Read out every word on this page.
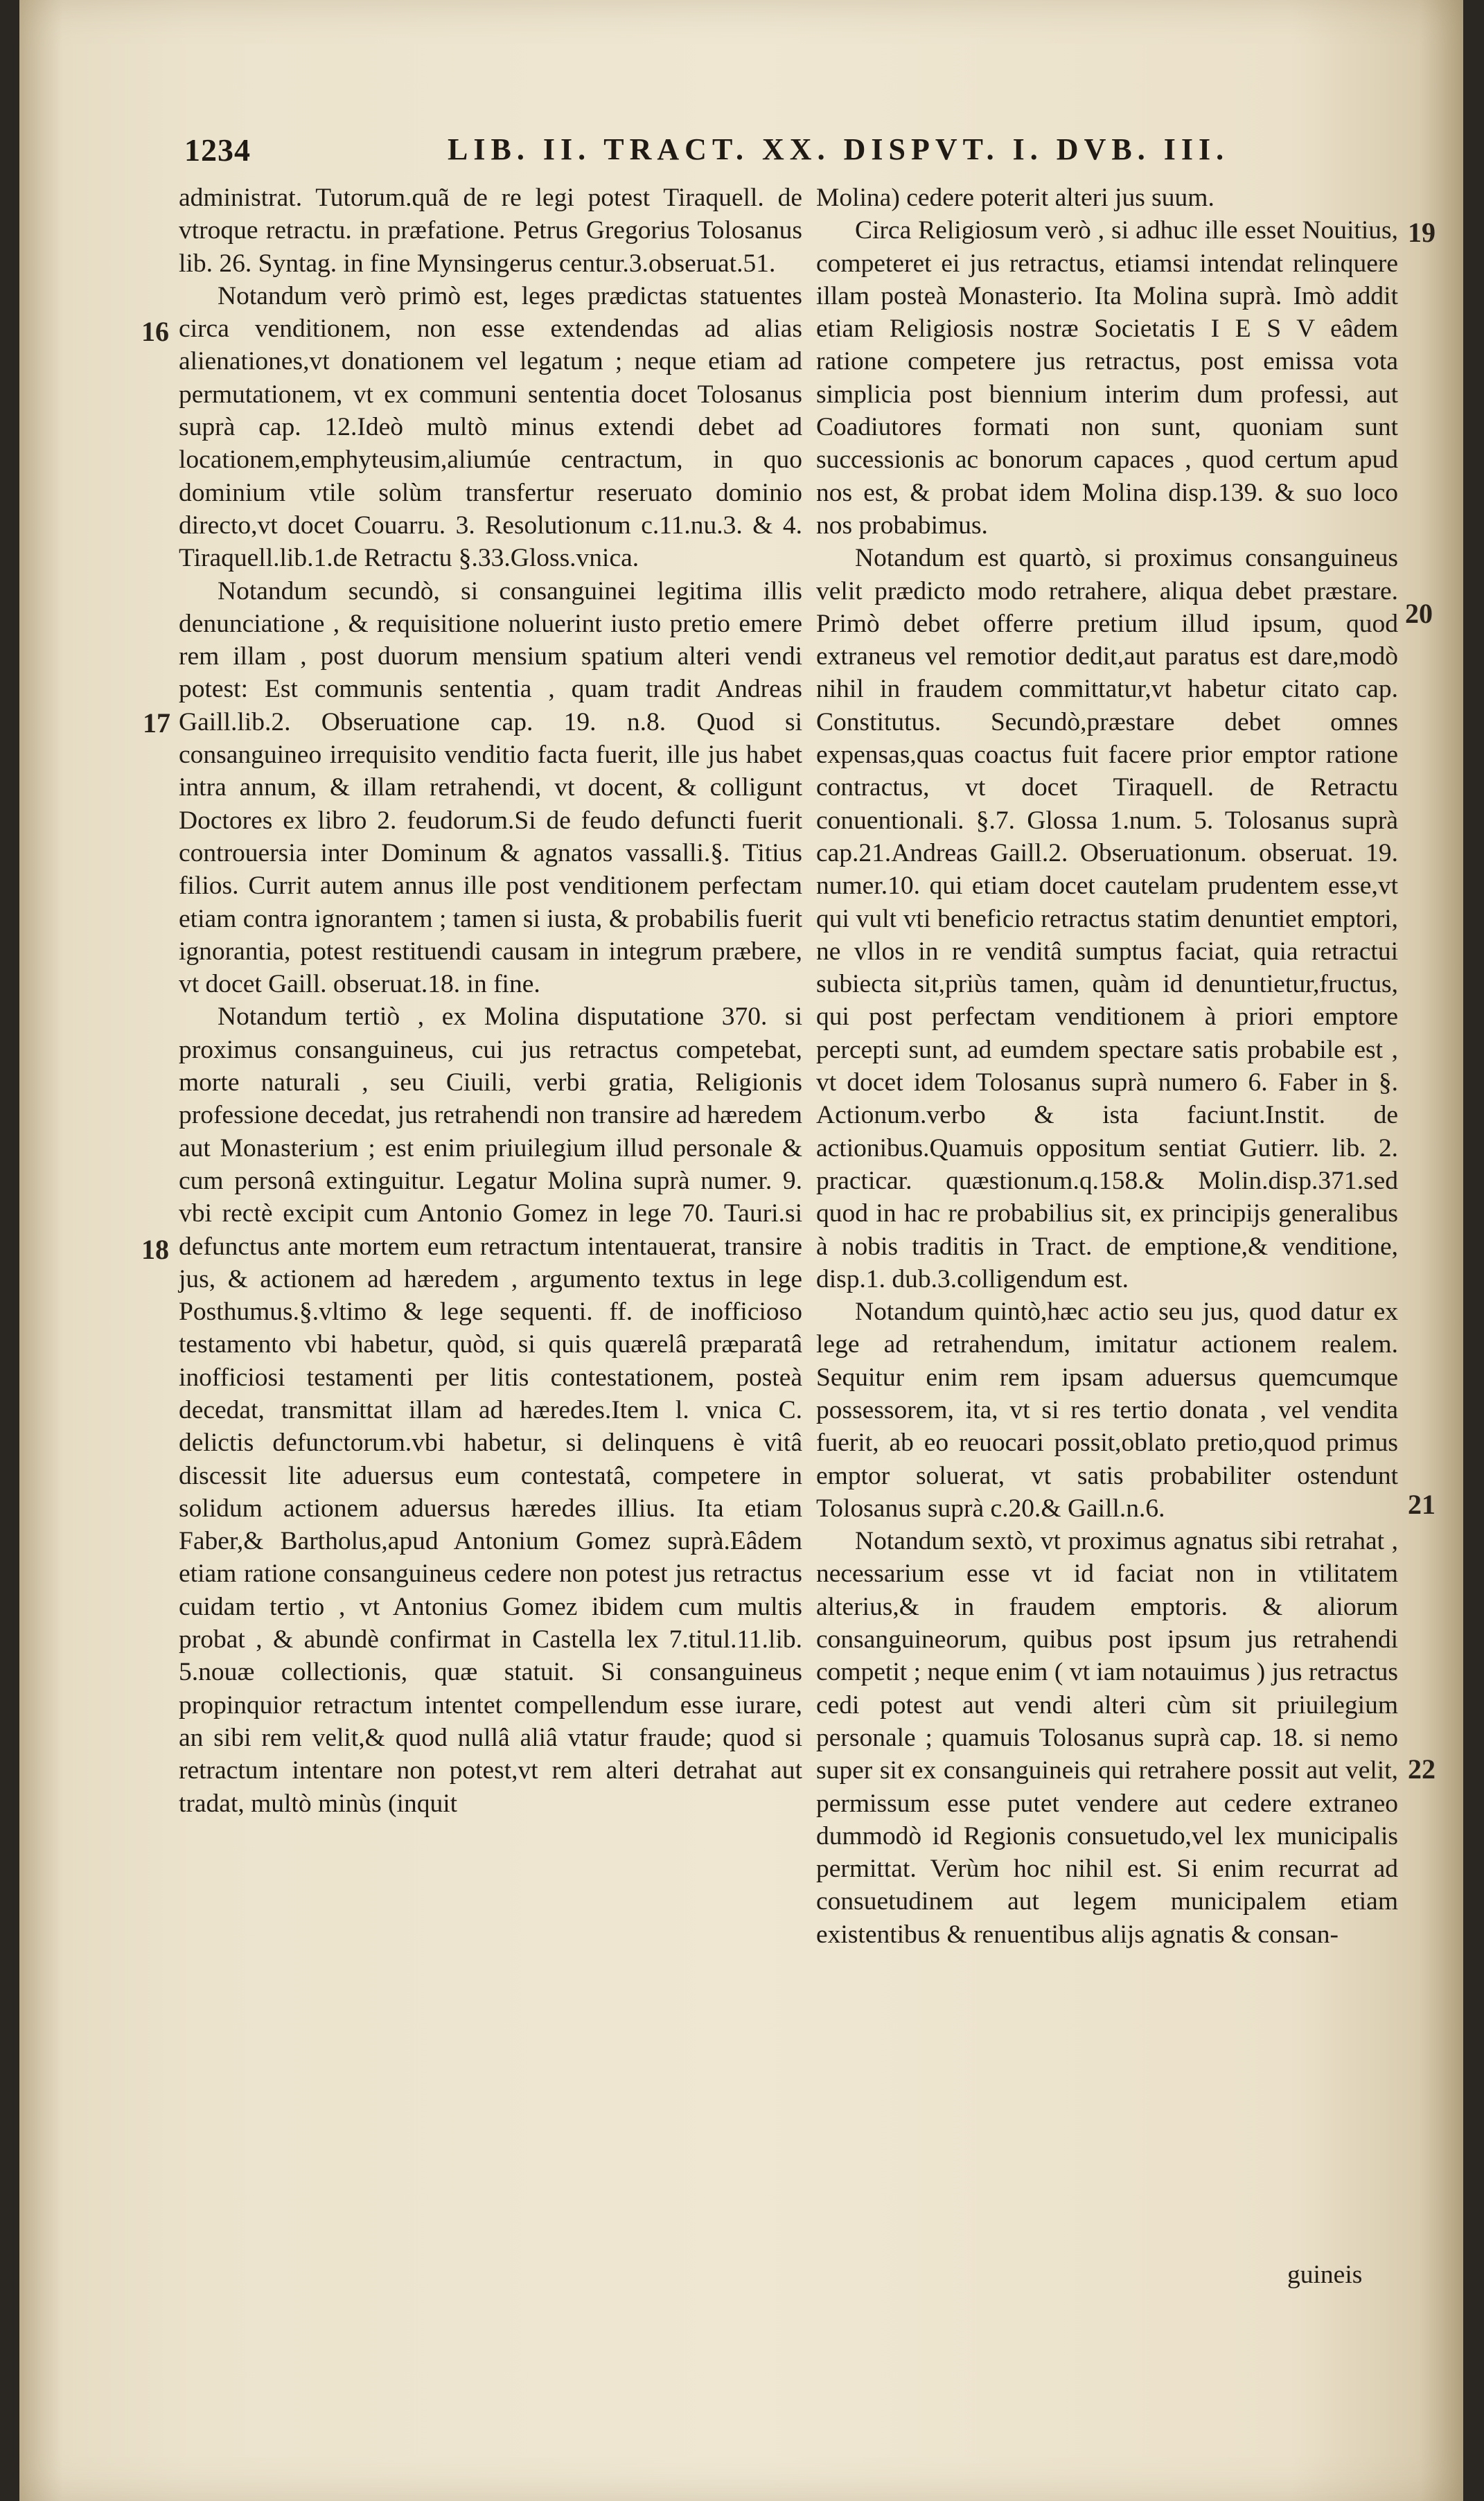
1234	LIB. II. TRACT. XX. DISPVT. I. DVB. III.
16
17
18
19
20
21
22

administrat. Tutorum.quã de re legi potest Tiraquell. de vtroque retractu. in præfatione. Petrus Gregorius Tolosanus lib. 26. Syntag. in fine Mynsingerus centur.3.obseruat.51.

Notandum verò primò est, leges prædictas statuentes circa venditionem, non esse extendendas ad alias alienationes,vt donationem vel legatum ; neque etiam ad permutationem, vt ex communi sententia docet Tolosanus suprà cap. 12.Ideò multò minus extendi debet ad locationem,emphyteusim,aliumúe centractum, in quo dominium vtile solùm transfertur reseruato dominio directo,vt docet Couarru. 3. Resolutionum c.11.nu.3. & 4. Tiraquell.lib.1.de Retractu §.33.Gloss.vnica.

Notandum secundò, si consanguinei legitima illis denunciatione , & requisitione noluerint iusto pretio emere rem illam , post duorum mensium spatium alteri vendi potest: Est communis sententia , quam tradit Andreas Gaill.lib.2. Obseruatione cap. 19. n.8. Quod si consanguineo irrequisito venditio facta fuerit, ille jus habet intra annum, & illam retrahendi, vt docent, & colligunt Doctores ex libro 2. feudorum.Si de feudo defuncti fuerit controuersia inter Dominum & agnatos vassalli.§. Titius filios. Currit autem annus ille post venditionem perfectam etiam contra ignorantem ; tamen si iusta, & probabilis fuerit ignorantia, potest restituendi causam in integrum præbere, vt docet Gaill. obseruat.18. in fine.

Notandum tertiò , ex Molina disputatione 370. si proximus consanguineus, cui jus retractus competebat, morte naturali , seu Ciuili, verbi gratia, Religionis professione decedat, jus retrahendi non transire ad hæredem aut Monasterium ; est enim priuilegium illud personale & cum personâ extinguitur. Legatur Molina suprà numer. 9. vbi rectè excipit cum Antonio Gomez in lege 70. Tauri.si defunctus ante mortem eum retractum intentauerat, transire jus, & actionem ad hæredem , argumento textus in lege Posthumus.§.vltimo & lege sequenti. ff. de inofficioso testamento vbi habetur, quòd, si quis quærelâ præparatâ inofficiosi testamenti per litis contestationem, posteà decedat, transmittat illam ad hæredes.Item l. vnica C. delictis defunctorum.vbi habetur, si delinquens è vitâ discessit lite aduersus eum contestatâ, competere in solidum actionem aduersus hæredes illius. Ita etiam Faber,& Bartholus,apud Antonium Gomez suprà.Eâdem etiam ratione consanguineus cedere non potest jus retractus cuidam tertio , vt Antonius Gomez ibidem cum multis probat , & abundè confirmat in Castella lex 7.titul.11.lib. 5.nouæ collectionis, quæ statuit. Si consanguineus propinquior retractum intentet compellendum esse iurare, an sibi rem velit,& quod nullâ aliâ vtatur fraude; quod si retractum intentare non potest,vt rem alteri detrahat aut tradat, multò minùs (inquit

Molina) cedere poterit alteri jus suum.

Circa Religiosum verò , si adhuc ille esset Nouitius, competeret ei jus retractus, etiamsi intendat relinquere illam posteà Monasterio. Ita Molina suprà. Imò addit etiam Religiosis nostræ Societatis I E S V eâdem ratione competere jus retractus, post emissa vota simplicia post biennium interim dum professi, aut Coadiutores formati non sunt, quoniam sunt successionis ac bonorum capaces , quod certum apud nos est, & probat idem Molina disp.139. & suo loco nos probabimus.

Notandum est quartò, si proximus consanguineus velit prædicto modo retrahere, aliqua debet præstare. Primò debet offerre pretium illud ipsum, quod extraneus vel remotior dedit,aut paratus est dare,modò nihil in fraudem committatur,vt habetur citato cap. Constitutus. Secundò,præstare debet omnes expensas,quas coactus fuit facere prior emptor ratione contractus, vt docet Tiraquell. de Retractu conuentionali. §.7. Glossa 1.num. 5. Tolosanus suprà cap.21.Andreas Gaill.2. Obseruationum. obseruat. 19. numer.10. qui etiam docet cautelam prudentem esse,vt qui vult vti beneficio retractus statim denuntiet emptori, ne vllos in re venditâ sumptus faciat, quia retractui subiecta sit,priùs tamen, quàm id denuntietur,fructus, qui post perfectam venditionem à priori emptore percepti sunt, ad eumdem spectare satis probabile est , vt docet idem Tolosanus suprà numero 6. Faber in §. Actionum.verbo & ista faciunt.Instit. de actionibus.Quamuis oppositum sentiat Gutierr. lib. 2. practicar. quæstionum.q.158.& Molin.disp.371.sed quod in hac re probabilius sit, ex principijs generalibus à nobis traditis in Tract. de emptione,& venditione, disp.1. dub.3.colligendum est.

Notandum quintò,hæc actio seu jus, quod datur ex lege ad retrahendum, imitatur actionem realem. Sequitur enim rem ipsam aduersus quemcumque possessorem, ita, vt si res tertio donata , vel vendita fuerit, ab eo reuocari possit,oblato pretio,quod primus emptor soluerat, vt satis probabiliter ostendunt Tolosanus suprà c.20.& Gaill.n.6.

Notandum sextò, vt proximus agnatus sibi retrahat , necessarium esse vt id faciat non in vtilitatem alterius,& in fraudem emptoris. & aliorum consanguineorum, quibus post ipsum jus retrahendi competit ; neque enim ( vt iam notauimus ) jus retractus cedi potest aut vendi alteri cùm sit priuilegium personale ; quamuis Tolosanus suprà cap. 18. si nemo super sit ex consanguineis qui retrahere possit aut velit, permissum esse putet vendere aut cedere extraneo dummodò id Regionis consuetudo,vel lex municipalis permittat. Verùm hoc nihil est. Si enim recurrat ad consuetudinem aut legem municipalem etiam existentibus & renuentibus alijs agnatis & consan-

guineis
